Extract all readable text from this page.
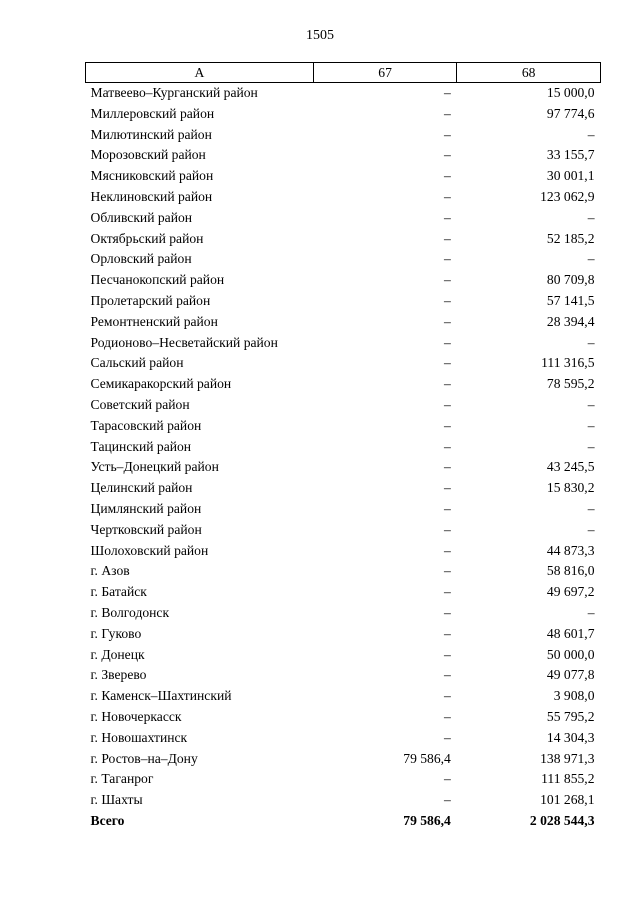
1505
А	67	68
Матвеево–Курганский район	–	15 000,0
Миллеровский район	–	97 774,6
Милютинский район	–	–
Морозовский район	–	33 155,7
Мясниковский район	–	30 001,1
Неклиновский район	–	123 062,9
Обливский район	–	–
Октябрьский район	–	52 185,2
Орловский район	–	–
Песчанокопский район	–	80 709,8
Пролетарский район	–	57 141,5
Ремонтненский район	–	28 394,4
Родионово–Несветайский район	–	–
Сальский район	–	111 316,5
Семикаракорский район	–	78 595,2
Советский район	–	–
Тарасовский район	–	–
Тацинский район	–	–
Усть–Донецкий район	–	43 245,5
Целинский район	–	15 830,2
Цимлянский район	–	–
Чертковский район	–	–
Шолоховский район	–	44 873,3
г. Азов	–	58 816,0
г. Батайск	–	49 697,2
г. Волгодонск	–	–
г. Гуково	–	48 601,7
г. Донецк	–	50 000,0
г. Зверево	–	49 077,8
г. Каменск–Шахтинский	–	3 908,0
г. Новочеркасск	–	55 795,2
г. Новошахтинск	–	14 304,3
г. Ростов–на–Дону	79 586,4	138 971,3
г. Таганрог	–	111 855,2
г. Шахты	–	101 268,1
Всего	79 586,4	2 028 544,3
